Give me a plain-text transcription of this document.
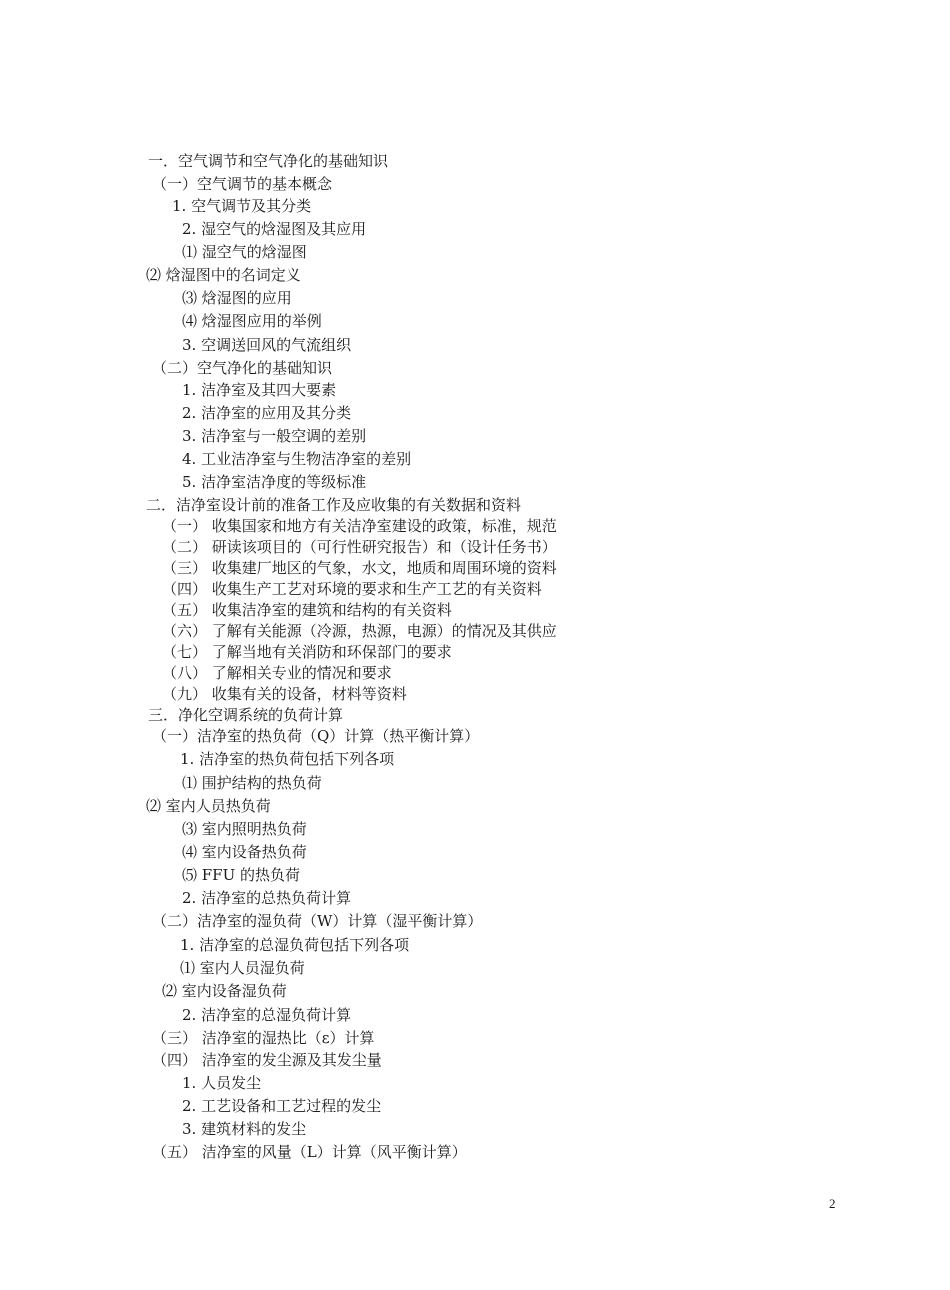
一．空气调节和空气净化的基础知识
（一）空气调节的基本概念
1. 空气调节及其分类
2. 湿空气的焓湿图及其应用
⑴ 湿空气的焓湿图
⑵ 焓湿图中的名词定义
⑶ 焓湿图的应用
⑷ 焓湿图应用的举例
3. 空调送回风的气流组织
（二）空气净化的基础知识
1. 洁净室及其四大要素
2. 洁净室的应用及其分类
3. 洁净室与一般空调的差别
4. 工业洁净室与生物洁净室的差别
5. 洁净室洁净度的等级标准
二．洁净室设计前的准备工作及应收集的有关数据和资料
（一） 收集国家和地方有关洁净室建设的政策，标准，规范
（二） 研读该项目的（可行性研究报告）和（设计任务书）
（三） 收集建厂地区的气象，水文，地质和周围环境的资料
（四） 收集生产工艺对环境的要求和生产工艺的有关资料
（五） 收集洁净室的建筑和结构的有关资料
（六） 了解有关能源（冷源，热源，电源）的情况及其供应
（七） 了解当地有关消防和环保部门的要求
（八） 了解相关专业的情况和要求
（九） 收集有关的设备，材料等资料
三．净化空调系统的负荷计算
（一）洁净室的热负荷（Q）计算（热平衡计算）
1. 洁净室的热负荷包括下列各项
⑴ 围护结构的热负荷
⑵ 室内人员热负荷
⑶ 室内照明热负荷
⑷ 室内设备热负荷
⑸ FFU 的热负荷
2. 洁净室的总热负荷计算
（二）洁净室的湿负荷（W）计算（湿平衡计算）
1. 洁净室的总湿负荷包括下列各项
⑴ 室内人员湿负荷
⑵ 室内设备湿负荷
2. 洁净室的总湿负荷计算
（三） 洁净室的湿热比（ε）计算
（四） 洁净室的发尘源及其发尘量
1. 人员发尘
2. 工艺设备和工艺过程的发尘
3. 建筑材料的发尘
（五） 洁净室的风量（L）计算（风平衡计算）
2
